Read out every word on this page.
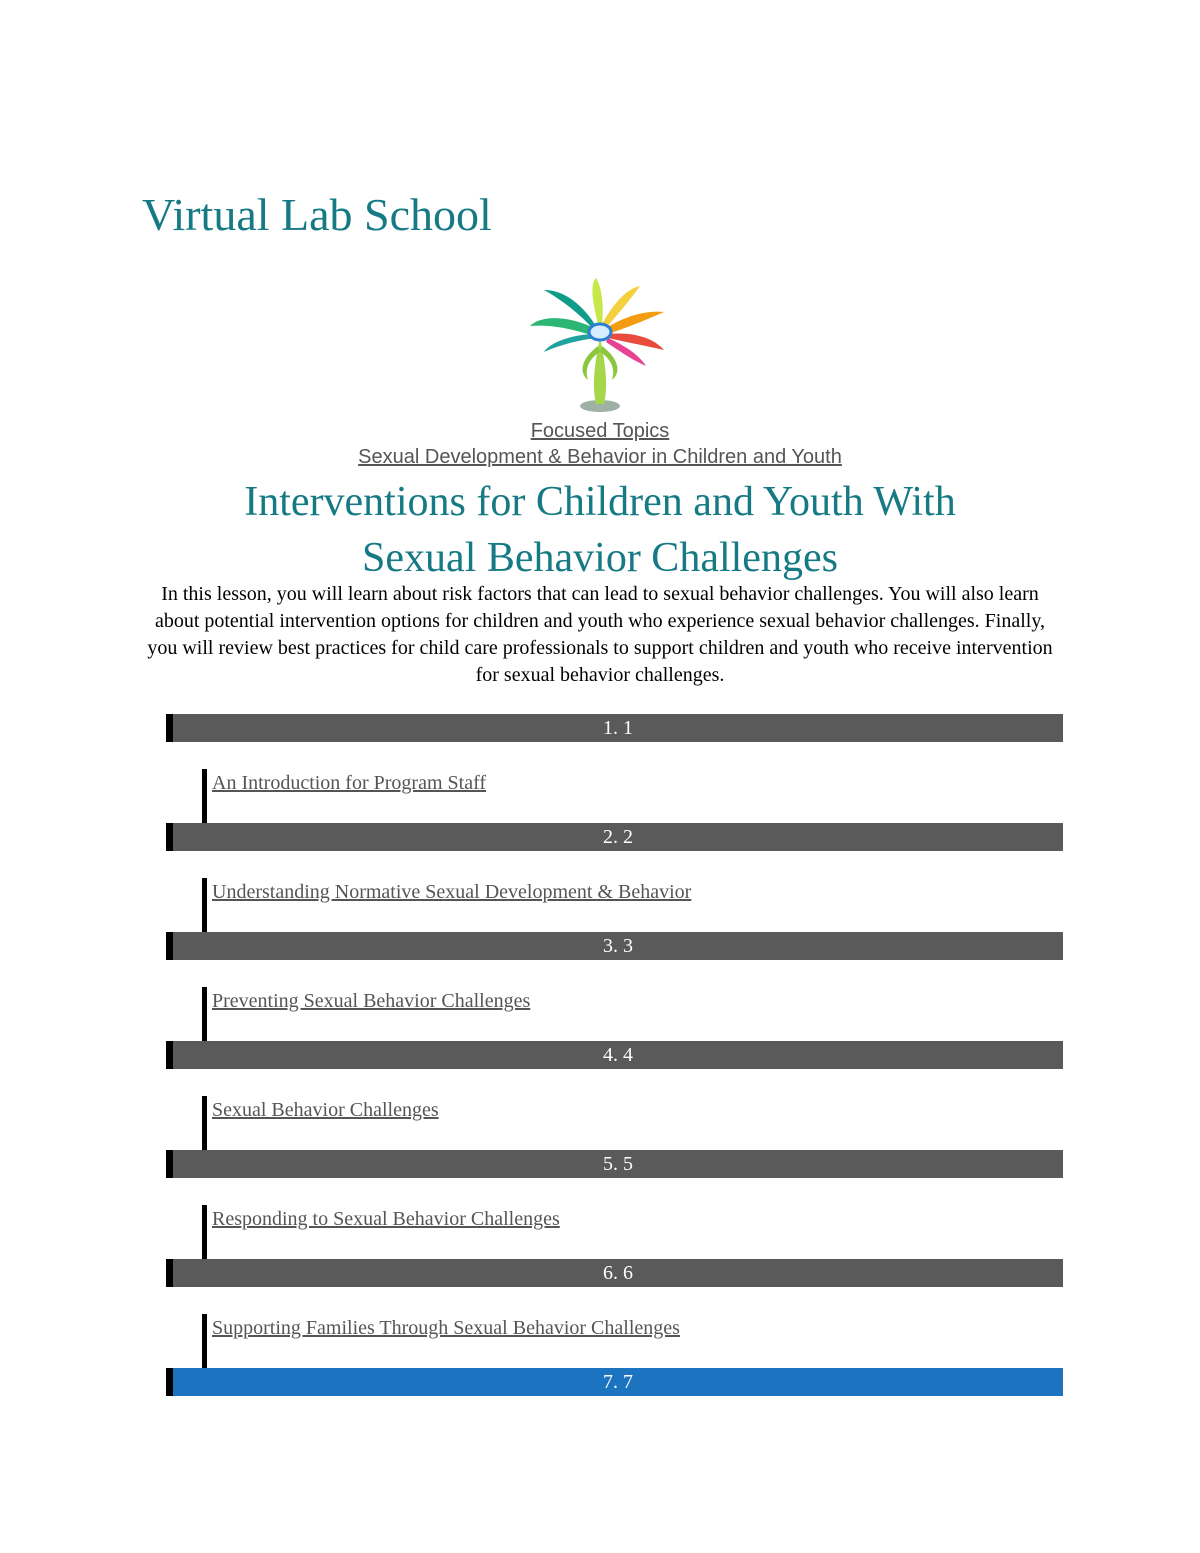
Virtual Lab School
Focused Topics
Sexual Development & Behavior in Children and Youth
Interventions for Children and Youth With
Sexual Behavior Challenges

In this lesson, you will learn about risk factors that can lead to sexual behavior challenges. You will also learn about potential intervention options for children and youth who experience sexual behavior challenges. Finally, you will review best practices for child care professionals to support children and youth who receive intervention for sexual behavior challenges.

1. 1
An Introduction for Program Staff
2. 2
Understanding Normative Sexual Development & Behavior
3. 3
Preventing Sexual Behavior Challenges
4. 4
Sexual Behavior Challenges
5. 5
Responding to Sexual Behavior Challenges
6. 6
Supporting Families Through Sexual Behavior Challenges
7. 7
